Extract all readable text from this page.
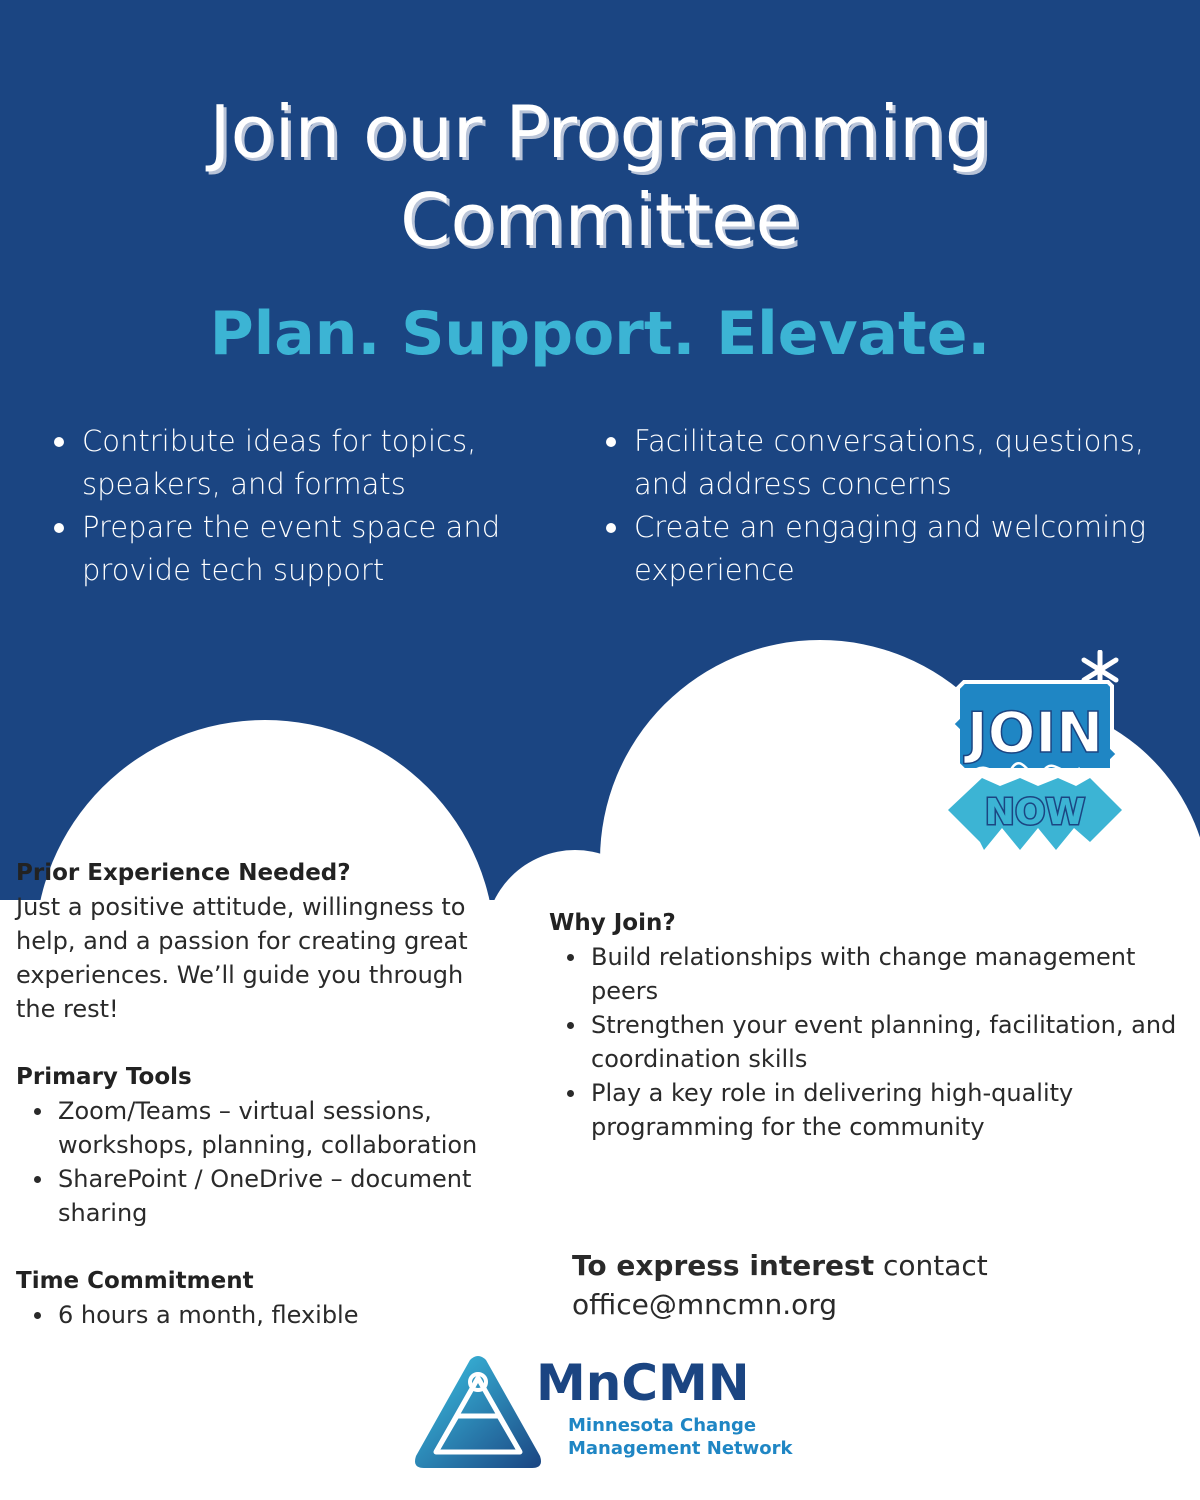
Join our Programming
Committee

Plan. Support. Elevate.

Contribute ideas for topics, speakers, and formats
Prepare the event space and provide tech support
Facilitate conversations, questions, and address concerns
Create an engaging and welcoming experience
JOIN
NOW
Prior Experience Needed?

Just a positive attitude, willingness to help, and a passion for creating great experiences. We’ll guide you through the rest!

Primary Tools
Zoom/Teams – virtual sessions, workshops, planning, collaboration
SharePoint / OneDrive – document sharing
Time Commitment
6 hours a month, flexible
Why Join?
Build relationships with change management peers
Strengthen your event planning, facilitation, and coordination skills
Play a key role in delivering high-quality programming for the community

To express interest contact
office@mncmn.org

MnCMN

Minnesota Change
Management Network
